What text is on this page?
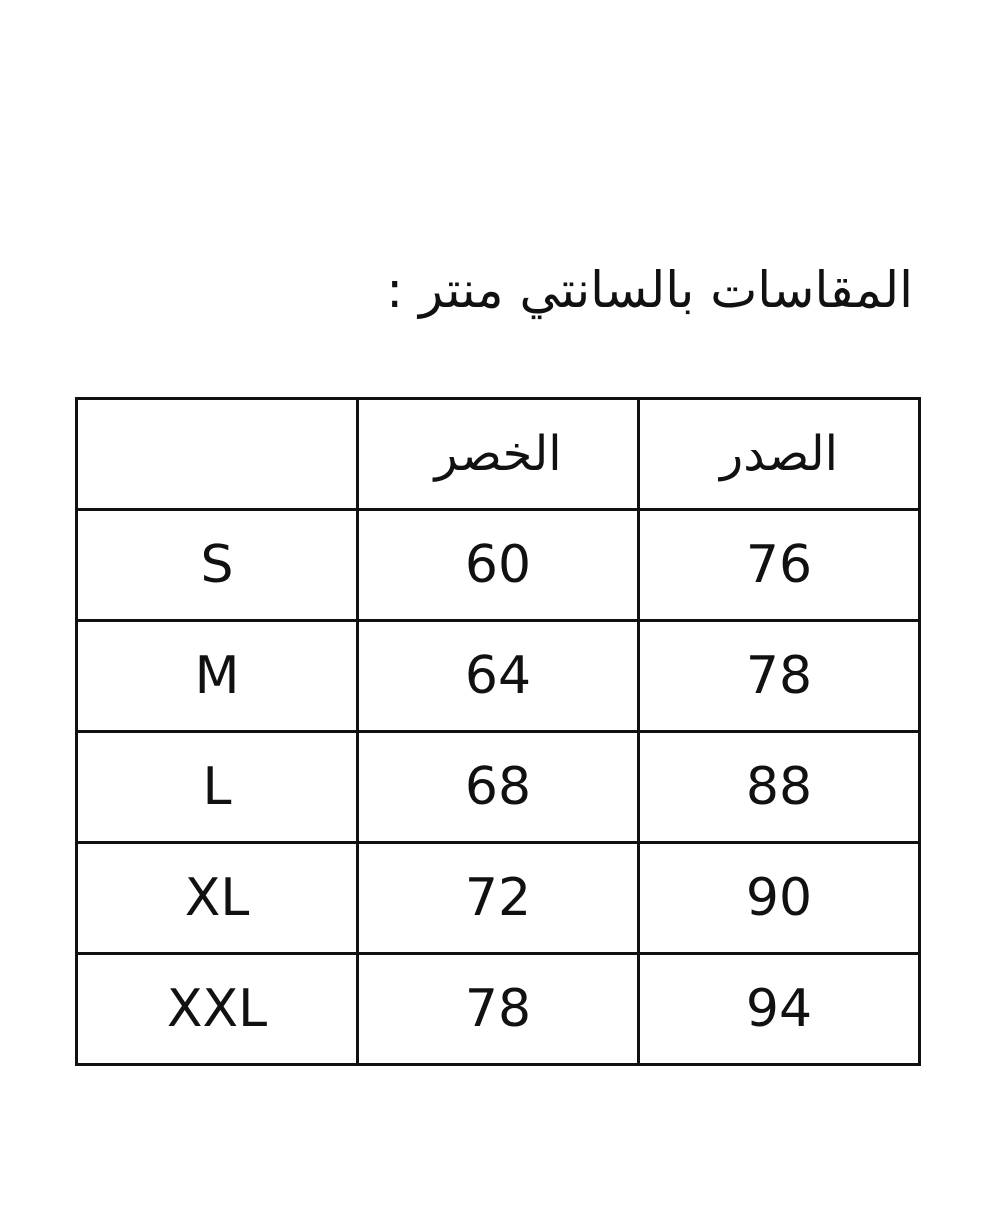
المقاسات بالسانتي منتر :
	الخصر	الصدر
S	60	76
M	64	78
L	68	88
XL	72	90
XXL	78	94
